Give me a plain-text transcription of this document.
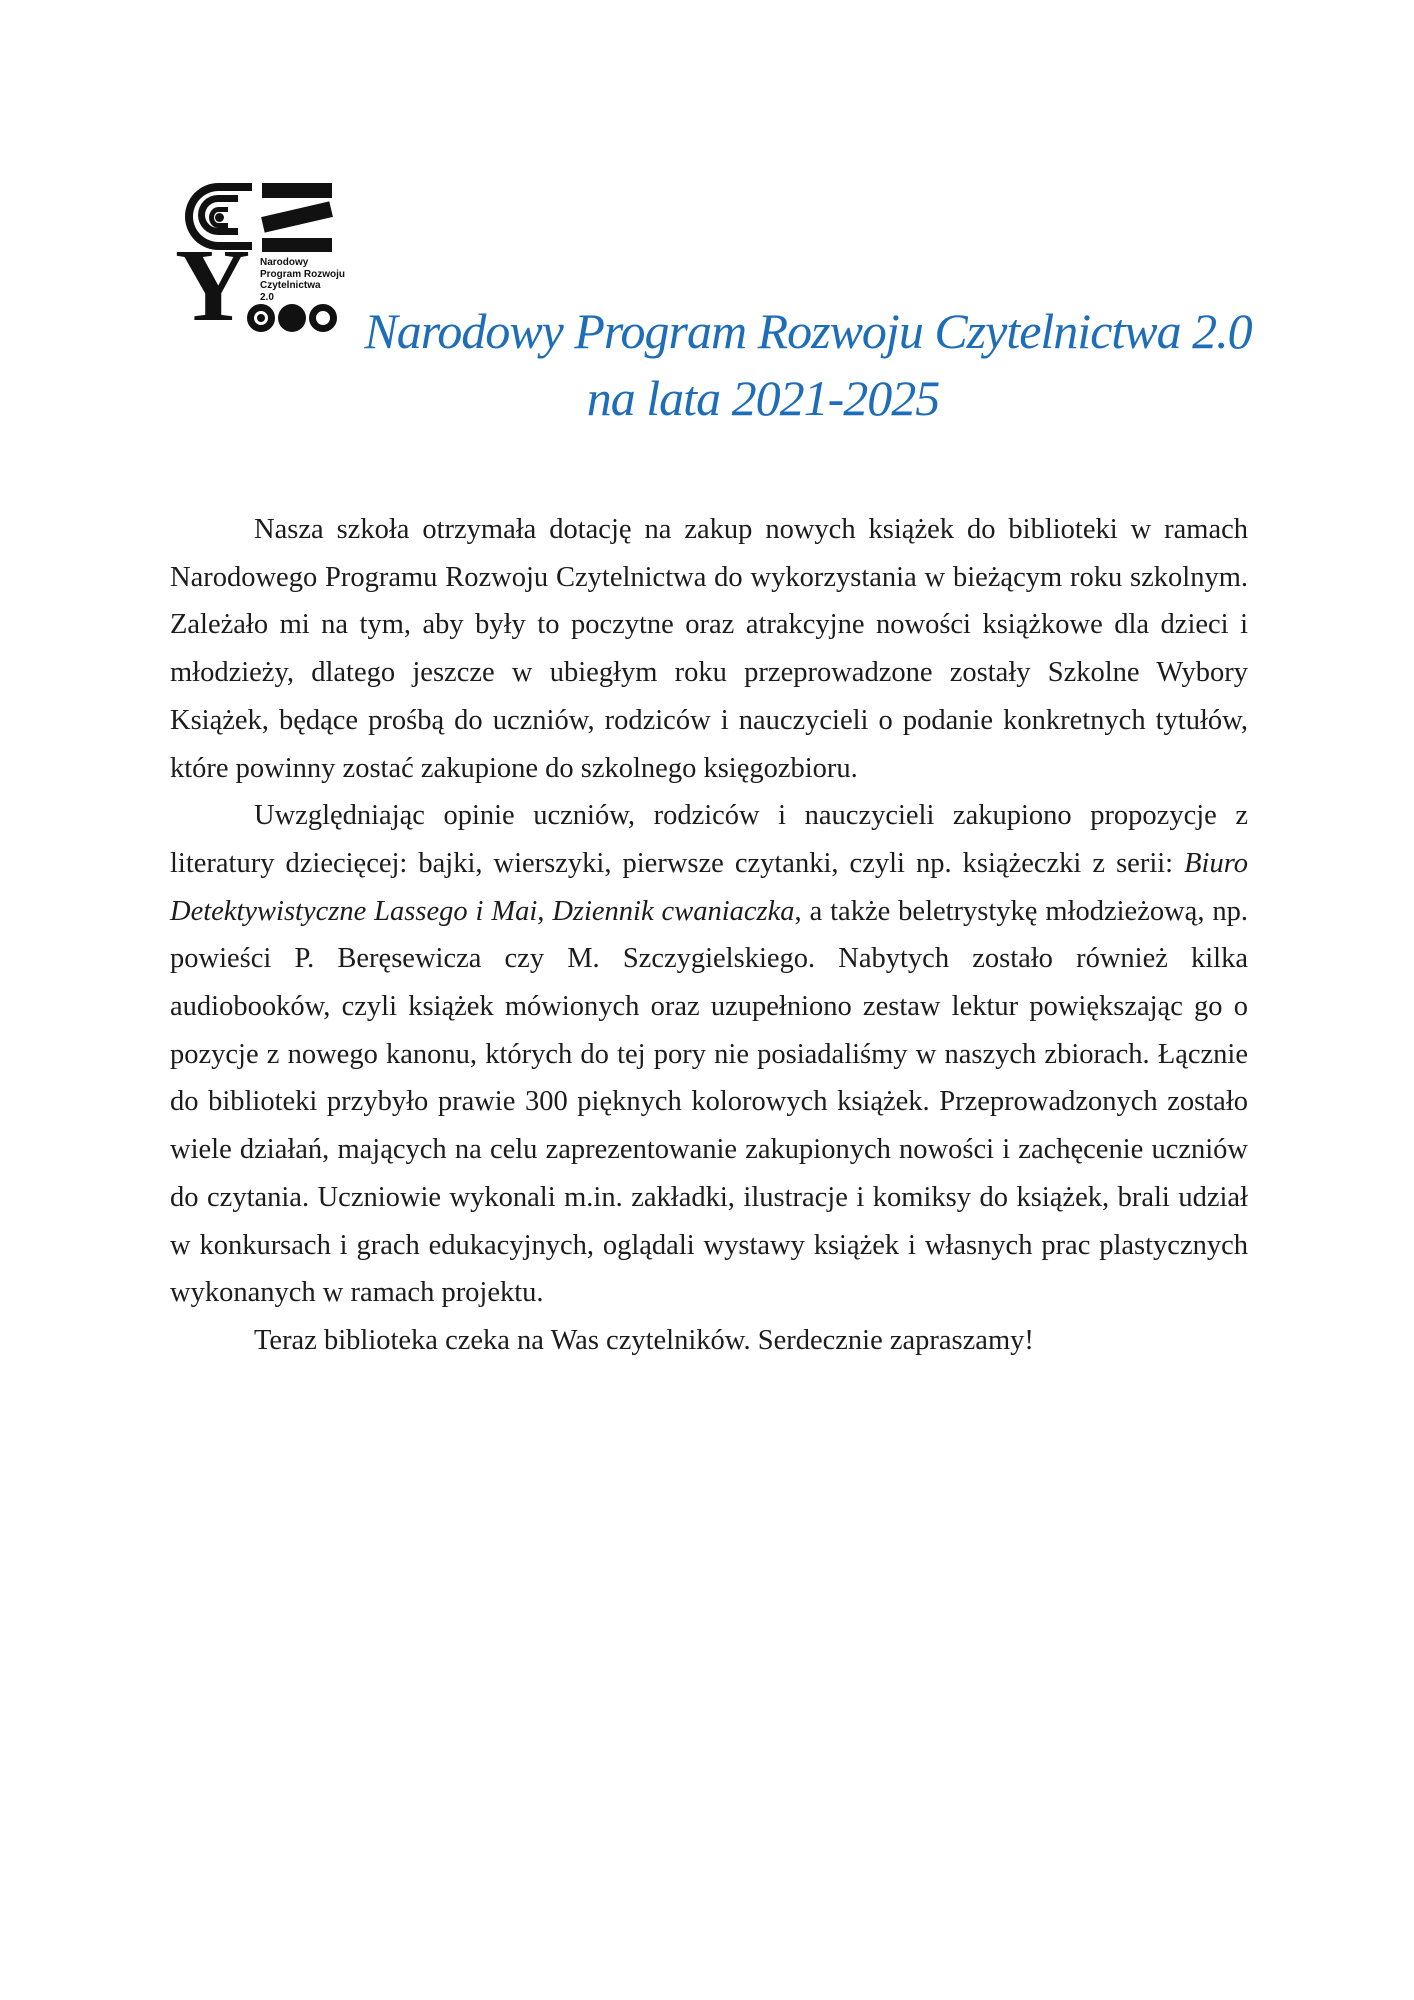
Y Narodowy
Program Rozwoju
Czytelnictwa
2.0
Narodowy Program Rozwoju Czytelnictwa 2.0
na lata 2021-2025

Nasza szkoła otrzymała dotację na zakup nowych książek do biblioteki w ramach Narodowego Programu Rozwoju Czytelnictwa do wykorzystania w bieżącym roku szkolnym. Zależało mi na tym, aby były to poczytne oraz atrakcyjne nowości książkowe dla dzieci i młodzieży, dlatego jeszcze w ubiegłym roku przeprowadzone zostały Szkolne Wybory Książek, będące prośbą do uczniów, rodziców i nauczycieli o podanie konkretnych tytułów, które powinny zostać zakupione do szkolnego księgozbioru.

Uwzględniając opinie uczniów, rodziców i nauczycieli zakupiono propozycje z literatury dziecięcej: bajki, wierszyki, pierwsze czytanki, czyli np. książeczki z serii: Biuro Detektywistyczne Lassego i Mai, Dziennik cwaniaczka, a także beletrystykę młodzieżową, np. powieści P. Beręsewicza czy M. Szczygielskiego. Nabytych zostało również kilka audiobooków, czyli książek mówionych oraz uzupełniono zestaw lektur powiększając go o pozycje z nowego kanonu, których do tej pory nie posiadaliśmy w naszych zbiorach. Łącznie do biblioteki przybyło prawie 300 pięknych kolorowych książek. Przeprowadzonych zostało wiele działań, mających na celu zaprezentowanie zakupionych nowości i zachęcenie uczniów do czytania. Uczniowie wykonali m.in. zakładki, ilustracje i komiksy do książek, brali udział w konkursach i grach edukacyjnych, oglądali wystawy książek i własnych prac plastycznych wykonanych w ramach projektu.

Teraz biblioteka czeka na Was czytelników. Serdecznie zapraszamy!
